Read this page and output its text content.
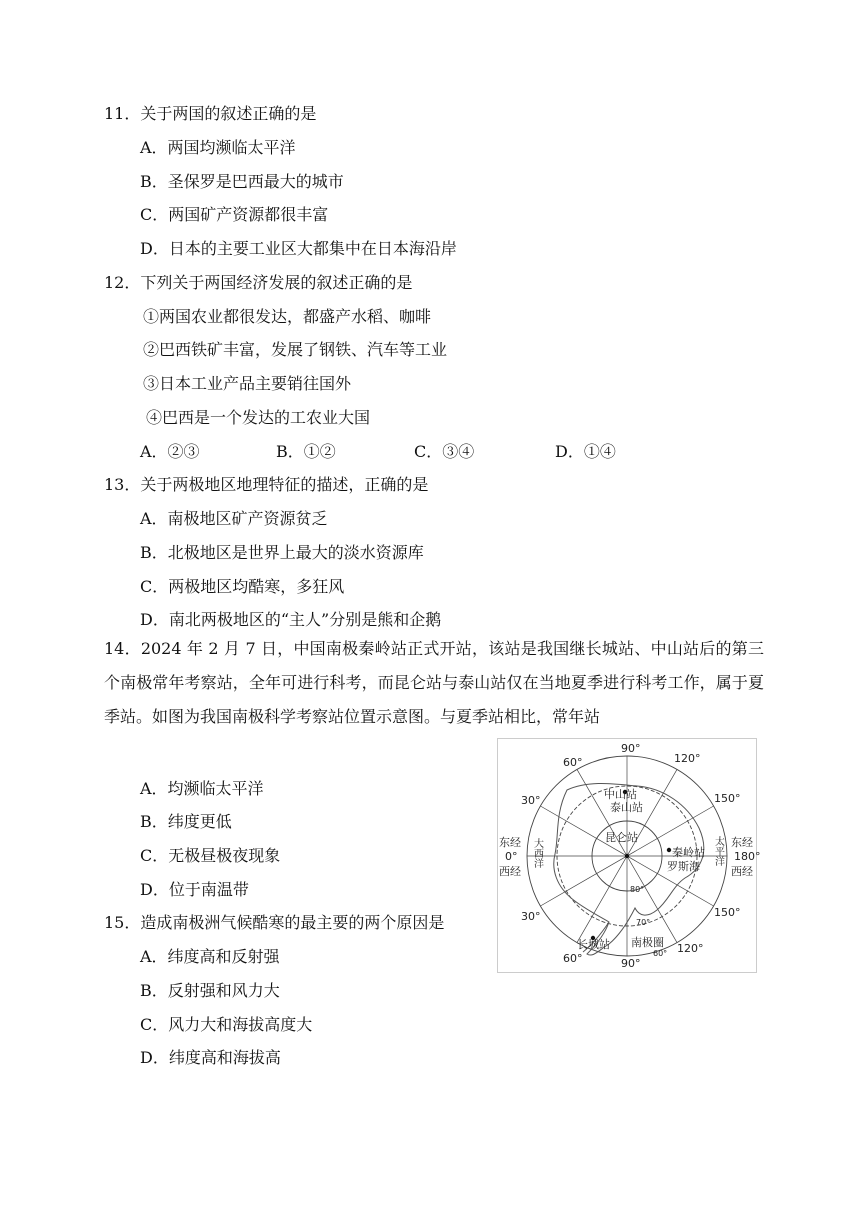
11．关于两国的叙述正确的是
A．两国均濒临太平洋
B．圣保罗是巴西最大的城市
C．两国矿产资源都很丰富
D．日本的主要工业区大都集中在日本海沿岸
12．下列关于两国经济发展的叙述正确的是
①两国农业都很发达，都盛产水稻、咖啡
②巴西铁矿丰富，发展了钢铁、汽车等工业
③日本工业产品主要销往国外
④巴西是一个发达的工农业大国
A．②③	B．①②	C．③④	D．①④
13．关于两极地区地理特征的描述，正确的是
A．南极地区矿产资源贫乏
B．北极地区是世界上最大的淡水资源库
C．两极地区均酷寒，多狂风
D．南北两极地区的“主人”分别是熊和企鹅
14．2024 年 2 月 7 日，中国南极秦岭站正式开站，该站是我国继长城站、中山站后的第三个南极常年考察站，全年可进行科考，而昆仑站与泰山站仅在当地夏季进行科考工作，属于夏季站。如图为我国南极科学考察站位置示意图。与夏季站相比，常年站
A．均濒临太平洋
B．纬度更低
C．无极昼极夜现象
D．位于南温带
15．造成南极洲气候酷寒的最主要的两个原因是
A．纬度高和反射强
B．反射强和风力大
C．风力大和海拔高度大
D．纬度高和海拔高
90°
120°
150°
180°
150°
120°
90°
60°
30°
0°
30°
60°
东经
西经
东经
西经
大西洋	太平洋
中山站
泰山站
昆仑站
秦岭站
罗斯海
长城站 南极圈
80°
70°
60°
